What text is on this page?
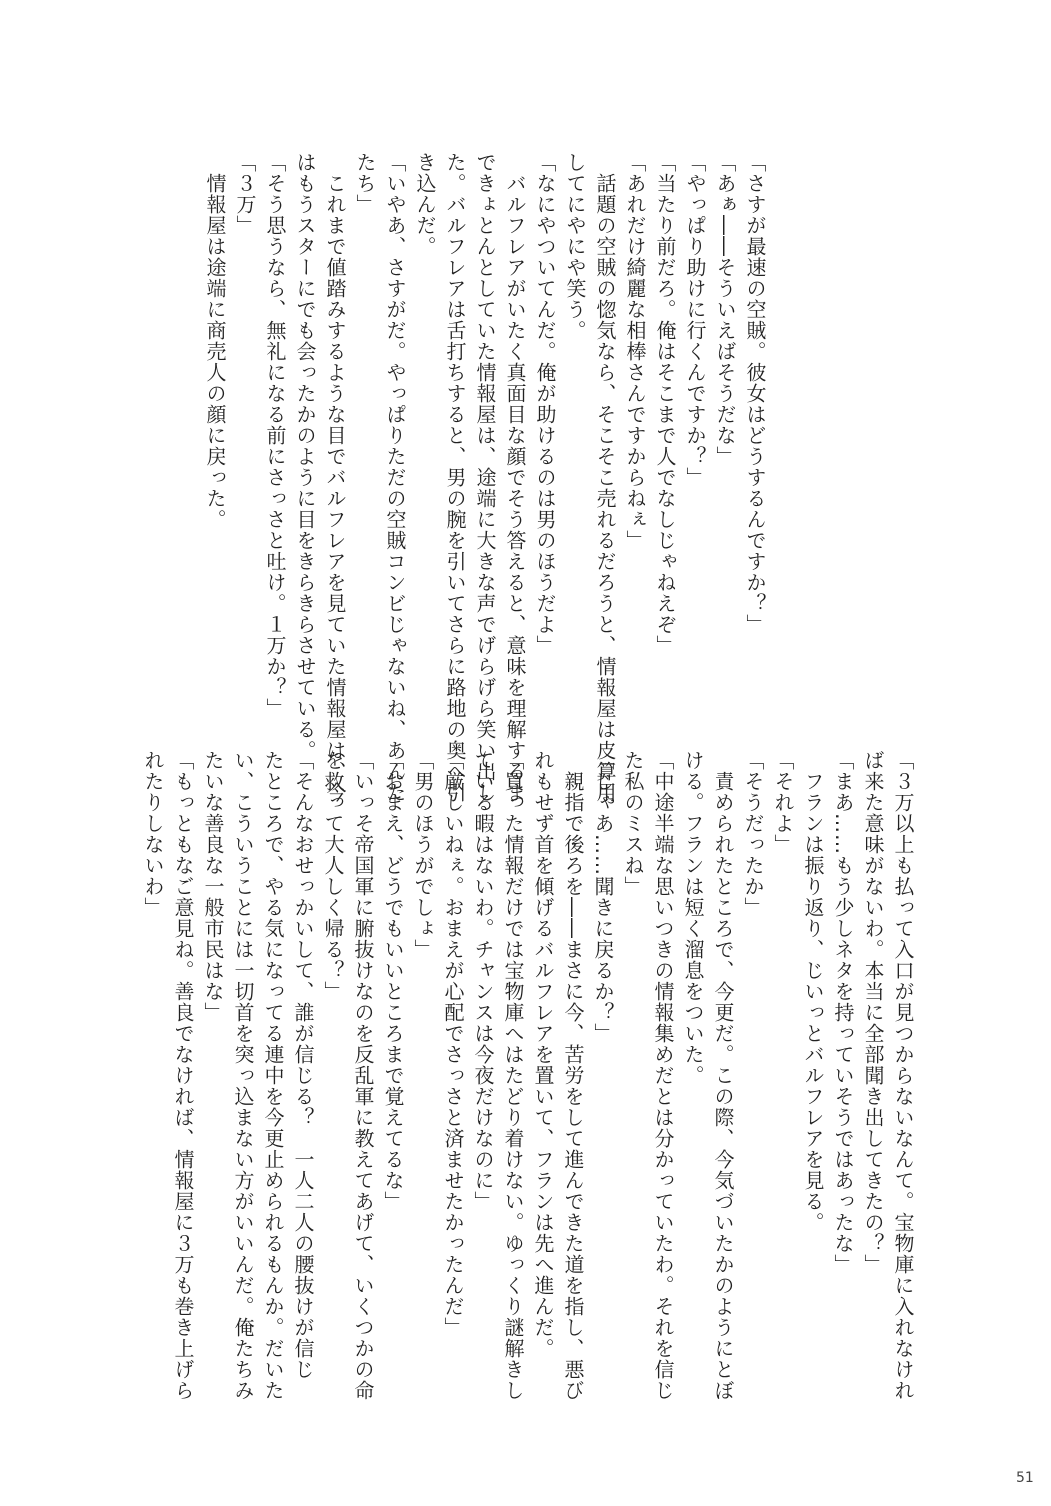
「さすが最速の空賊。彼女はどうするんですか？」
「あぁ――そういえばそうだな」
「やっぱり助けに行くんですか？」
「当たり前だろ。俺はそこまで人でなしじゃねえぞ」
「あれだけ綺麗な相棒さんですからねぇ」
　話題の空賊の惚気なら、そこそこ売れるだろうと、情報屋は皮算用
してにやにや笑う。
「なにやついてんだ。俺が助けるのは男のほうだよ」
　バルフレアがいたく真面目な顔でそう答えると、意味を理解するま
できょとんとしていた情報屋は、途端に大きな声でげらげら笑い出し
た。バルフレアは舌打ちすると、男の腕を引いてさらに路地の奥へ引
き込んだ。
「いやあ、さすがだ。やっぱりただの空賊コンビじゃないね、あんた
たち」
　これまで値踏みするような目でバルフレアを見ていた情報屋は、今
はもうスターにでも会ったかのように目をきらきらさせている。
「そう思うなら、無礼になる前にさっさと吐け。１万か？」
「３万」
　情報屋は途端に商売人の顔に戻った。
「３万以上も払って入口が見つからないなんて。宝物庫に入れなけれ
ば来た意味がないわ。本当に全部聞き出してきたの？」
「まあ……もう少しネタを持っていそうではあったな」
　フランは振り返り、じいっとバルフレアを見る。
「それよ」
「そうだったか」
　責められたところで、今更だ。この際、今気づいたかのようにとぼ
ける。フランは短く溜息をついた。
「中途半端な思いつきの情報集めだとは分かっていたわ。それを信じ
た私のミスね」
「じゃあ……聞きに戻るか？」
　親指で後ろを――まさに今、苦労をして進んできた道を指し、悪び
れもせず首を傾げるバルフレアを置いて、フランは先へ進んだ。
「買った情報だけでは宝物庫へはたどり着けない。ゆっくり謎解きし
ている暇はないわ。チャンスは今夜だけなのに」
「厳しいねぇ。おまえが心配でさっさと済ませたかったんだ」
「男のほうがでしょ」
「おまえ、どうでもいいところまで覚えてるな」
「いっそ帝国軍に腑抜けなのを反乱軍に教えてあげて、いくつかの命
を救って大人しく帰る？」
「そんなおせっかいして、誰が信じる？　一人二人の腰抜けが信じ
たところで、やる気になってる連中を今更止められるもんか。だいた
い、こういうことには一切首を突っ込まない方がいいんだ。俺たちみ
たいな善良な一般市民はな」
「もっともなご意見ね。善良でなければ、情報屋に３万も巻き上げら
れたりしないわ」
51
